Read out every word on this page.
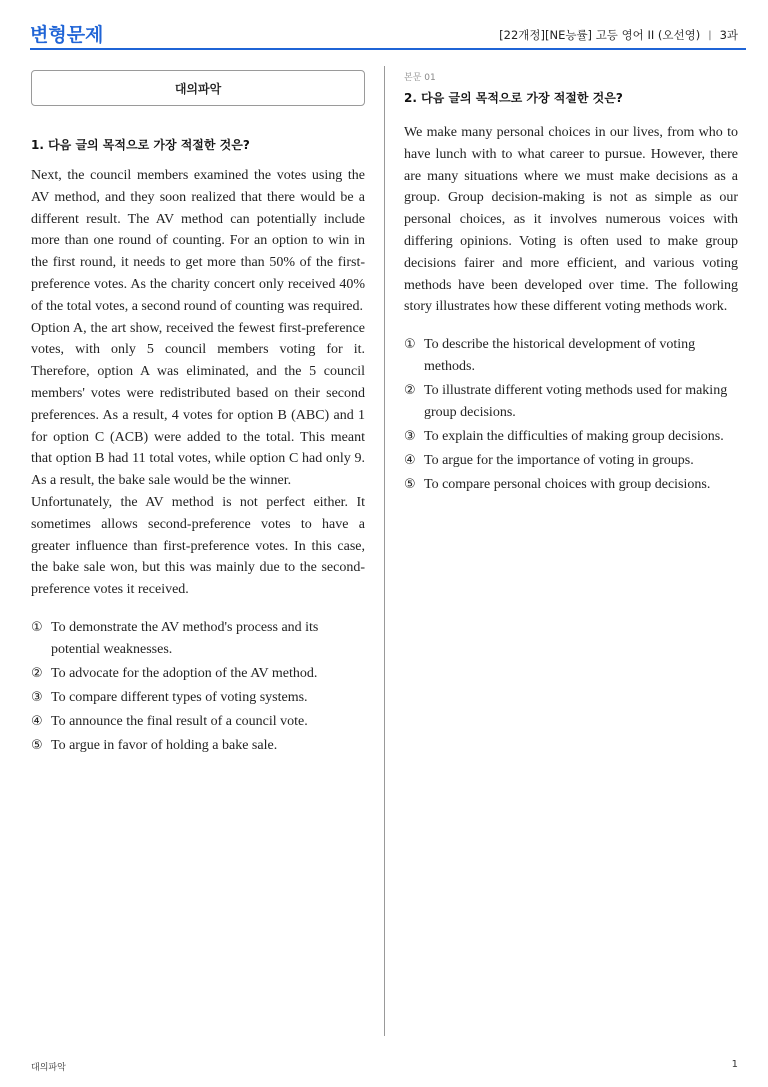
변형문제	[22개정][NE능률] 고등 영어 II (오선영) | 3과
대의파악
1. 다음 글의 목적으로 가장 적절한 것은?

Next, the council members examined the votes using the AV method, and they soon realized that there would be a different result. The AV method can potentially include more than one round of counting. For an option to win in the first round, it needs to get more than 50% of the first-preference votes. As the charity concert only received 40% of the total votes, a second round of counting was required.

Option A, the art show, received the fewest first-preference votes, with only 5 council members voting for it. Therefore, option A was eliminated, and the 5 council members' votes were redistributed based on their second preferences. As a result, 4 votes for option B (ABC) and 1 for option C (ACB) were added to the total. This meant that option B had 11 total votes, while option C had only 9. As a result, the bake sale would be the winner.

Unfortunately, the AV method is not perfect either. It sometimes allows second-preference votes to have a greater influence than first-preference votes. In this case, the bake sale won, but this was mainly due to the second-preference votes it received.

① To demonstrate the AV method's process and its potential weaknesses.
② To advocate for the adoption of the AV method.
③ To compare different types of voting systems.
④ To announce the final result of a council vote.
⑤ To argue in favor of holding a bake sale.
본문 01
2. 다음 글의 목적으로 가장 적절한 것은?

We make many personal choices in our lives, from who to have lunch with to what career to pursue. However, there are many situations where we must make decisions as a group. Group decision-making is not as simple as our personal choices, as it involves numerous voices with differing opinions. Voting is often used to make group decisions fairer and more efficient, and various voting methods have been developed over time. The following story illustrates how these different voting methods work.

① To describe the historical development of voting methods.
② To illustrate different voting methods used for making group decisions.
③ To explain the difficulties of making group decisions.
④ To argue for the importance of voting in groups.
⑤ To compare personal choices with group decisions.
대의파악	1
